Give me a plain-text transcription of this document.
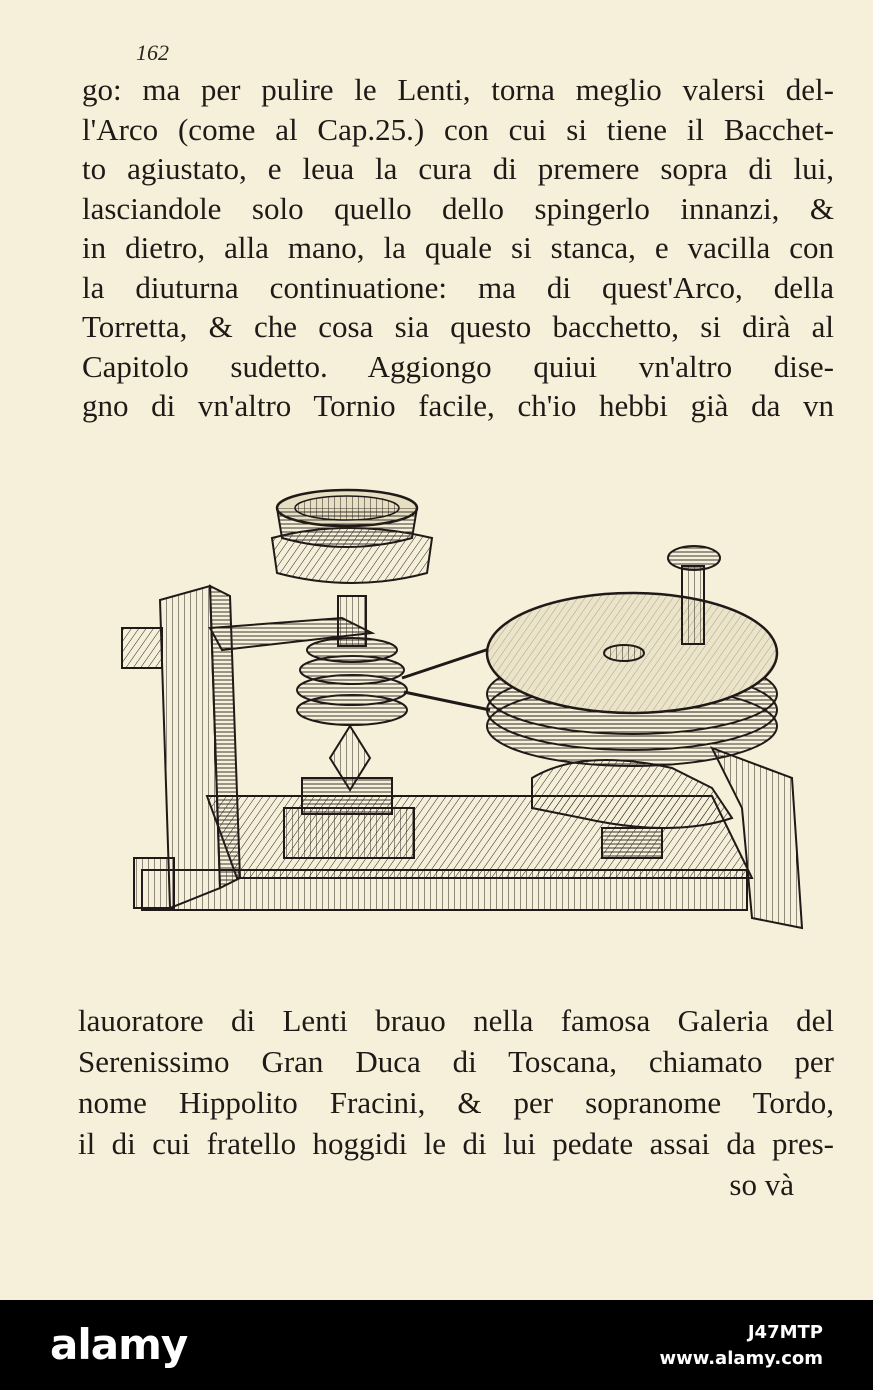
162
go: ma per pulire le Lenti, torna meglio valersi del-
l'Arco (come al Cap.25.) con cui si tiene il Bacchet-
to agiustato, e leua la cura di premere sopra di lui,
lasciandole solo quello dello spingerlo innanzi, &
in dietro, alla mano, la quale si stanca, e vacilla con
la diuturna continuatione: ma di quest'Arco, della
Torretta, & che cosa sia questo bacchetto, si dirà al
Capitolo sudetto. Aggiongo quiui vn'altro dise-
gno di vn'altro Tornio facile, ch'io hebbi già da vn
lauoratore di Lenti brauo nella famosa Galeria del
Serenissimo Gran Duca di Toscana, chiamato per
nome Hippolito Fracini, & per sopranome Tordo,
il di cui fratello hoggidi le di lui pedate assai da pres-
so và
alamy	J47MTP
www.alamy.com
